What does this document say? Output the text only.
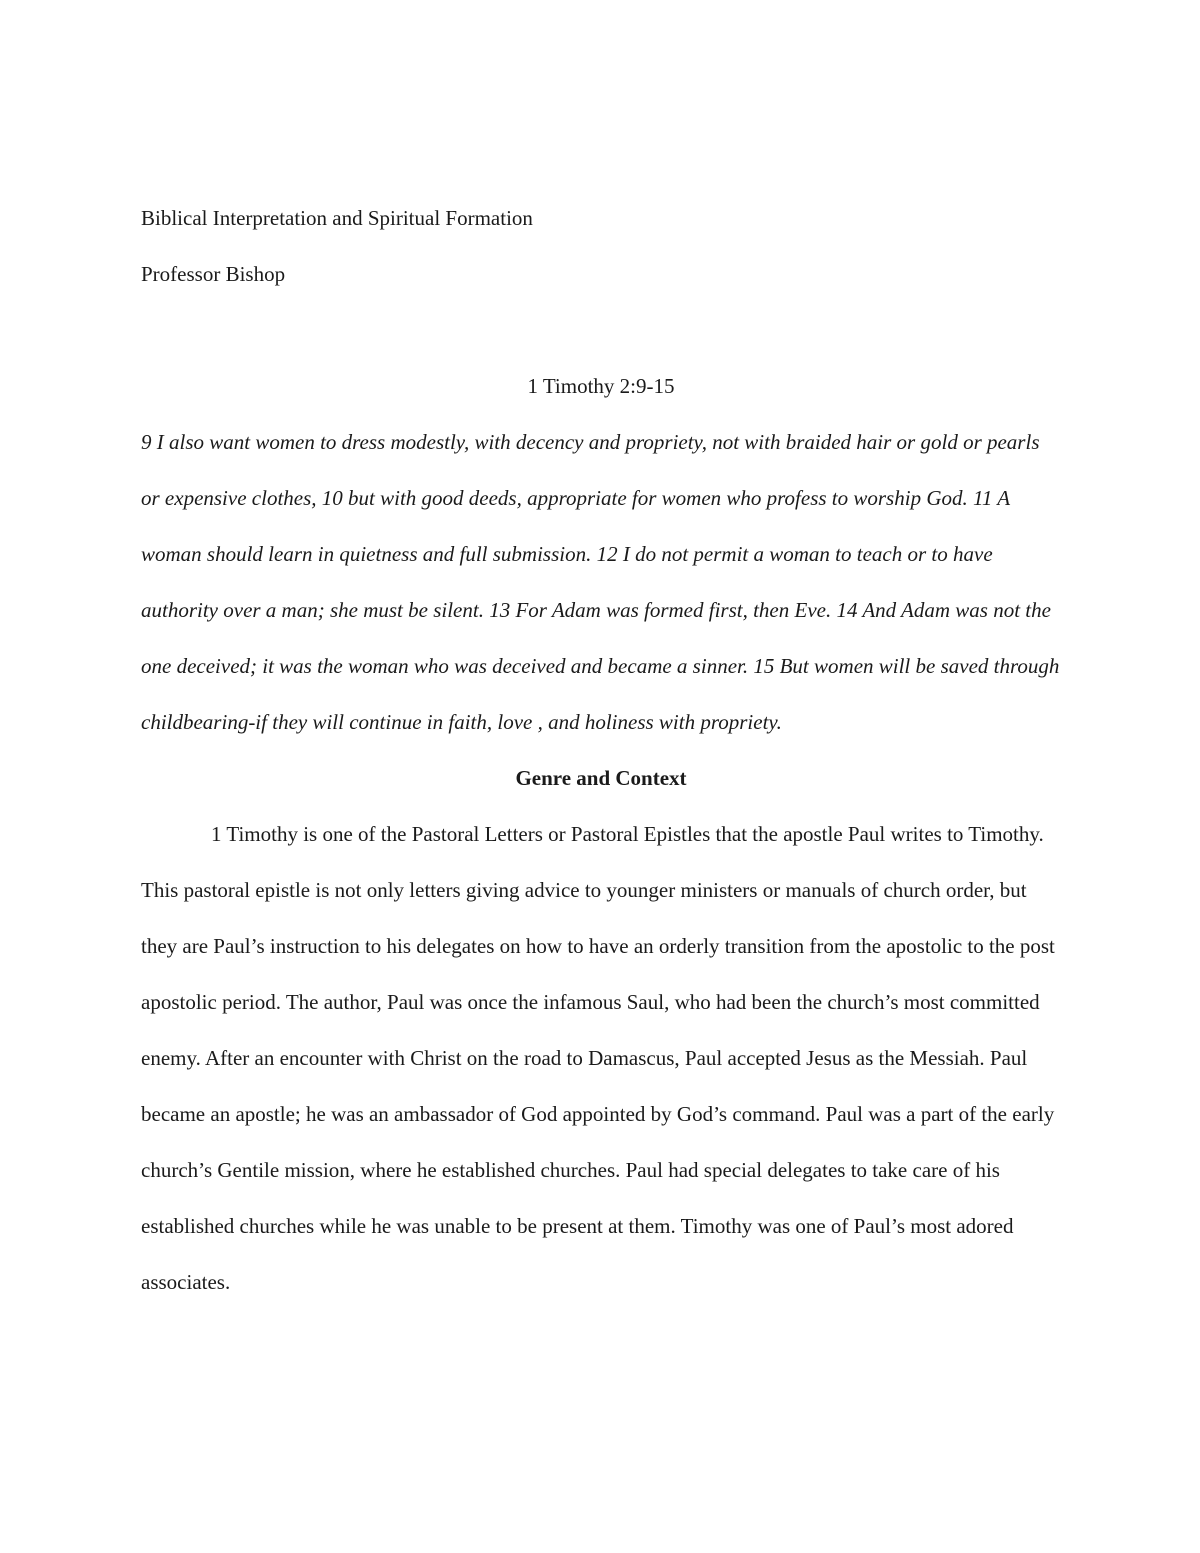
Biblical Interpretation and Spiritual Formation
Professor Bishop
1 Timothy 2:9-15

9 I also want women to dress modestly, with decency and propriety, not with braided hair or gold or pearls or expensive clothes, 10 but with good deeds, appropriate for women who profess to worship God. 11 A woman should learn in quietness and full submission. 12 I do not permit a woman to teach or to have authority over a man; she must be silent. 13 For Adam was formed first, then Eve. 14 And Adam was not the one deceived; it was the woman who was deceived and became a sinner. 15 But women will be saved through childbearing-if they will continue in faith, love , and holiness with propriety.

Genre and Context

1 Timothy is one of the Pastoral Letters or Pastoral Epistles that the apostle Paul writes to Timothy. This pastoral epistle is not only letters giving advice to younger ministers or manuals of church order, but they are Paul’s instruction to his delegates on how to have an orderly transition from the apostolic to the post apostolic period. The author, Paul was once the infamous Saul, who had been the church’s most committed enemy. After an encounter with Christ on the road to Damascus, Paul accepted Jesus as the Messiah. Paul became an apostle; he was an ambassador of God appointed by God’s command. Paul was a part of the early church’s Gentile mission, where he established churches. Paul had special delegates to take care of his established churches while he was unable to be present at them. Timothy was one of Paul’s most adored associates.
